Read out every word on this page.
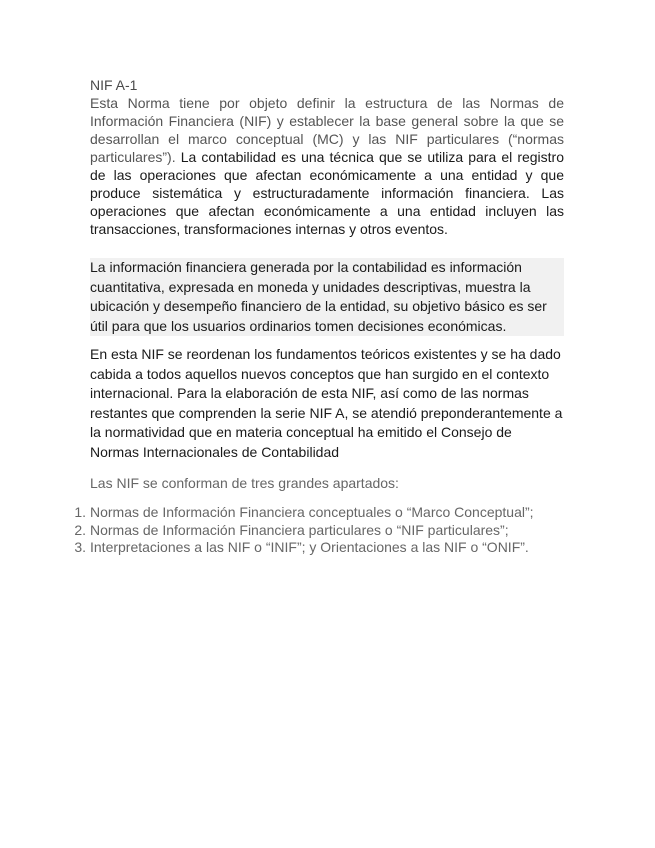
NIF A-1

Esta Norma tiene por objeto definir la estructura de las Normas de Información Financiera (NIF) y establecer la base general sobre la que se desarrollan el marco conceptual (MC) y las NIF particulares (“normas particulares”). La contabilidad es una técnica que se utiliza para el registro de las operaciones que afectan económicamente a una entidad y que produce sistemática y estructuradamente información financiera. Las operaciones que afectan económicamente a una entidad incluyen las transacciones, transformaciones internas y otros eventos.

La información financiera generada por la contabilidad es información cuantitativa, expresada en moneda y unidades descriptivas, muestra la ubicación y desempeño financiero de la entidad, su objetivo básico es ser útil para que los usuarios ordinarios tomen decisiones económicas.

En esta NIF se reordenan los fundamentos teóricos existentes y se ha dado cabida a todos aquellos nuevos conceptos que han surgido en el contexto internacional. Para la elaboración de esta NIF, así como de las normas restantes que comprenden la serie NIF A, se atendió preponderantemente a la normatividad que en materia conceptual ha emitido el Consejo de Normas Internacionales de Contabilidad

Las NIF se conforman de tres grandes apartados:

1. Normas de Información Financiera conceptuales o “Marco Conceptual”;
2. Normas de Información Financiera particulares o “NIF particulares”;
3. Interpretaciones a las NIF o “INIF”; y Orientaciones a las NIF o “ONIF”.
